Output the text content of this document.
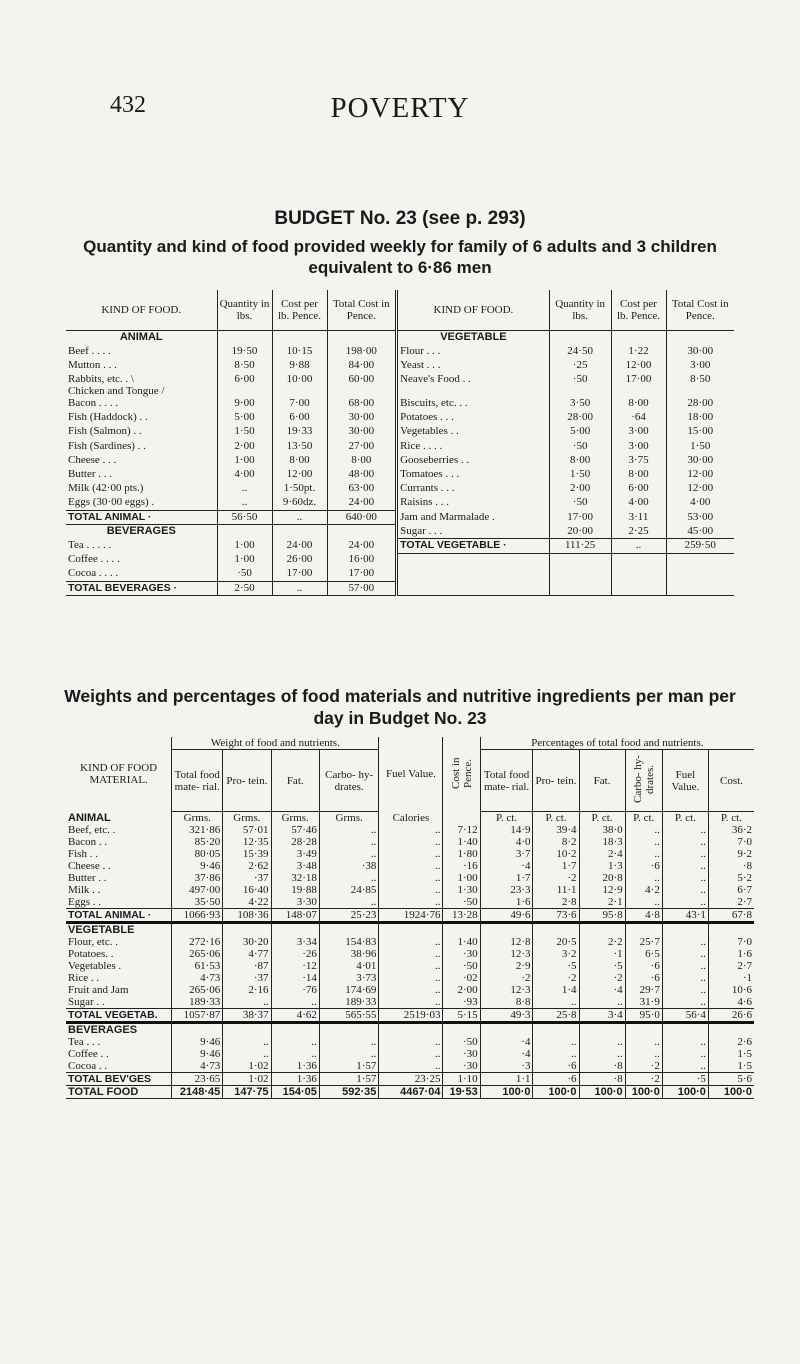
432	POVERTY
BUDGET No. 23 (see p. 293)
Quantity and kind of food provided weekly for family of 6 adults and 3 children equivalent to 6·86 men
KIND OF FOOD.	Quantity in lbs.	Cost per lb. Pence.	Total Cost in Pence.	KIND OF FOOD.	Quantity in lbs.	Cost per lb. Pence.	Total Cost in Pence.
ANIMAL				VEGETABLE			
Beef . . . .	19·50	10·15	198·00	Flour . . .	24·50	1·22	30·00
Mutton . . .	8·50	9·88	84·00	Yeast . . .	·25	12·00	3·00

Rabbits, etc. . \
Chicken and Tongue /	6·00	10·00	60·00	Neave's Food . .	·50	17·00	8·50
Bacon . . . .	9·00	7·00	68·00	Biscuits, etc. . .	3·50	8·00	28·00
Fish (Haddock) . .	5·00	6·00	30·00	Potatoes . . .	28·00	·64	18·00
Fish (Salmon) . .	1·50	19·33	30·00	Vegetables . .	5·00	3·00	15·00
Fish (Sardines) . .	2·00	13·50	27·00	Rice . . . .	·50	3·00	1·50
Cheese . . .	1·00	8·00	8·00	Gooseberries . .	8·00	3·75	30·00
Butter . . .	4·00	12·00	48·00	Tomatoes . . .	1·50	8·00	12·00
Milk (42·00 pts.)	..	1·50pt.	63·00	Currants . . .	2·00	6·00	12·00
Eggs (30·00 eggs) .	..	9·60dz.	24·00	Raisins . . .	·50	4·00	4·00
TOTAL ANIMAL ·	56·50	..	640·00	Jam and Marmalade .	17·00	3·11	53·00
BEVERAGES				Sugar . . .	20·00	2·25	45·00
Tea . . . . .	1·00	24·00	24·00	TOTAL VEGETABLE ·	111·25	..	259·50
Coffee . . . .	1·00	26·00	16·00				
Cocoa . . . .	·50	17·00	17·00				
TOTAL BEVERAGES ·	2·50	..	57·00				
Weights and percentages of food materials and nutritive ingredients per man per day in Budget No. 23
KIND OF FOOD MATERIAL.	Weight of food and nutrients.				Fuel Value.	Cost in Pence.	Percentages of total food and nutrients.					
	Total food mate- rial.	Pro- tein.	Fat.	Carbo- hy- drates.			Total food mate- rial.	Pro- tein.	Fat.	Carbo- hy- drates.	Fuel Value.	Cost.
ANIMAL	Grms.	Grms.	Grms.	Grms.	Calories		P. ct.	P. ct.	P. ct.	P. ct.	P. ct.	P. ct.
Beef, etc. .	321·86	57·01	57·46	..	..	7·12	14·9	39·4	38·0	..	..	36·2
Bacon . .	85·20	12·35	28·28	..	..	1·40	4·0	8·2	18·3	..	..	7·0
Fish . .	80·05	15·39	3·49	..	..	1·80	3·7	10·2	2·4	..	..	9·2
Cheese . .	9·46	2·62	3·48	·38	..	·16	·4	1·7	1·3	·6	..	·8
Butter . .	37·86	·37	32·18	..	..	1·00	1·7	·2	20·8	..	..	5·2
Milk . .	497·00	16·40	19·88	24·85	..	1·30	23·3	11·1	12·9	4·2	..	6·7
Eggs . .	35·50	4·22	3·30	..	..	·50	1·6	2·8	2·1	..	..	2·7
TOTAL ANIMAL ·	1066·93	108·36	148·07	25·23	1924·76	13·28	49·6	73·6	95·8	4·8	43·1	67·8
VEGETABLE												
Flour, etc. .	272·16	30·20	3·34	154·83	..	1·40	12·8	20·5	2·2	25·7	..	7·0
Potatoes. .	265·06	4·77	·26	38·96	..	·30	12·3	3·2	·1	6·5	..	1·6
Vegetables .	61·53	·87	·12	4·01	..	·50	2·9	·5	·5	·6	..	2·7
Rice . .	4·73	·37	·14	3·73	..	·02	·2	·2	·2	·6	..	·1
Fruit and Jam	265·06	2·16	·76	174·69	..	2·00	12·3	1·4	·4	29·7	..	10·6
Sugar . .	189·33	..	..	189·33	..	·93	8·8	..	..	31·9	..	4·6
TOTAL VEGETAB.	1057·87	38·37	4·62	565·55	2519·03	5·15	49·3	25·8	3·4	95·0	56·4	26·6
BEVERAGES												
Tea . . .	9·46	..	..	..	..	·50	·4	..	..	..	..	2·6
Coffee . .	9·46	..	..	..	..	·30	·4	..	..	..	..	1·5
Cocoa . .	4·73	1·02	1·36	1·57	..	·30	·3	·6	·8	·2	..	1·5
TOTAL BEV'GES	23·65	1·02	1·36	1·57	23·25	1·10	1·1	·6	·8	·2	·5	5·6
TOTAL FOOD	2148·45	147·75	154·05	592·35	4467·04	19·53	100·0	100·0	100·0	100·0	100·0	100·0
